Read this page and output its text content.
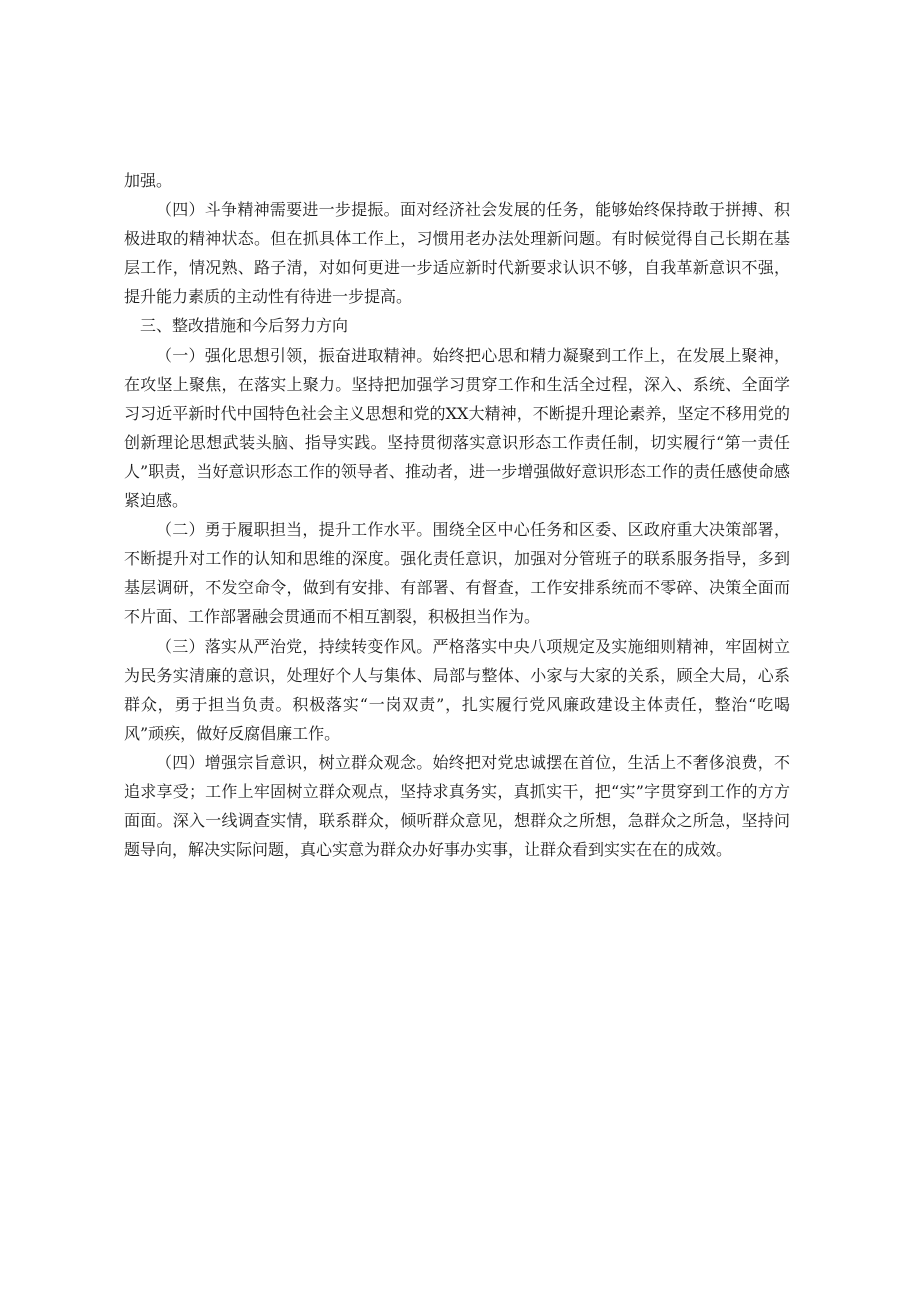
加强。

（四）斗争精神需要进一步提振。面对经济社会发展的任务，能够始终保持敢于拼搏、积极进取的精神状态。但在抓具体工作上，习惯用老办法处理新问题。有时候觉得自己长期在基层工作，情况熟、路子清，对如何更进一步适应新时代新要求认识不够，自我革新意识不强，提升能力素质的主动性有待进一步提高。

三、整改措施和今后努力方向

（一）强化思想引领，振奋进取精神。始终把心思和精力凝聚到工作上，在发展上聚神，在攻坚上聚焦，在落实上聚力。坚持把加强学习贯穿工作和生活全过程，深入、系统、全面学习习近平新时代中国特色社会主义思想和党的XX大精神，不断提升理论素养，坚定不移用党的创新理论思想武装头脑、指导实践。坚持贯彻落实意识形态工作责任制，切实履行“第一责任人”职责，当好意识形态工作的领导者、推动者，进一步增强做好意识形态工作的责任感使命感紧迫感。

（二）勇于履职担当，提升工作水平。围绕全区中心任务和区委、区政府重大决策部署，不断提升对工作的认知和思维的深度。强化责任意识，加强对分管班子的联系服务指导，多到基层调研，不发空命令，做到有安排、有部署、有督查，工作安排系统而不零碎、决策全面而不片面、工作部署融会贯通而不相互割裂，积极担当作为。

（三）落实从严治党，持续转变作风。严格落实中央八项规定及实施细则精神，牢固树立为民务实清廉的意识，处理好个人与集体、局部与整体、小家与大家的关系，顾全大局，心系群众，勇于担当负责。积极落实“一岗双责”，扎实履行党风廉政建设主体责任，整治“吃喝风”顽疾，做好反腐倡廉工作。

（四）增强宗旨意识，树立群众观念。始终把对党忠诚摆在首位，生活上不奢侈浪费，不追求享受；工作上牢固树立群众观点，坚持求真务实，真抓实干，把“实”字贯穿到工作的方方面面。深入一线调查实情，联系群众，倾听群众意见，想群众之所想，急群众之所急，坚持问题导向，解决实际问题，真心实意为群众办好事办实事，让群众看到实实在在的成效。
